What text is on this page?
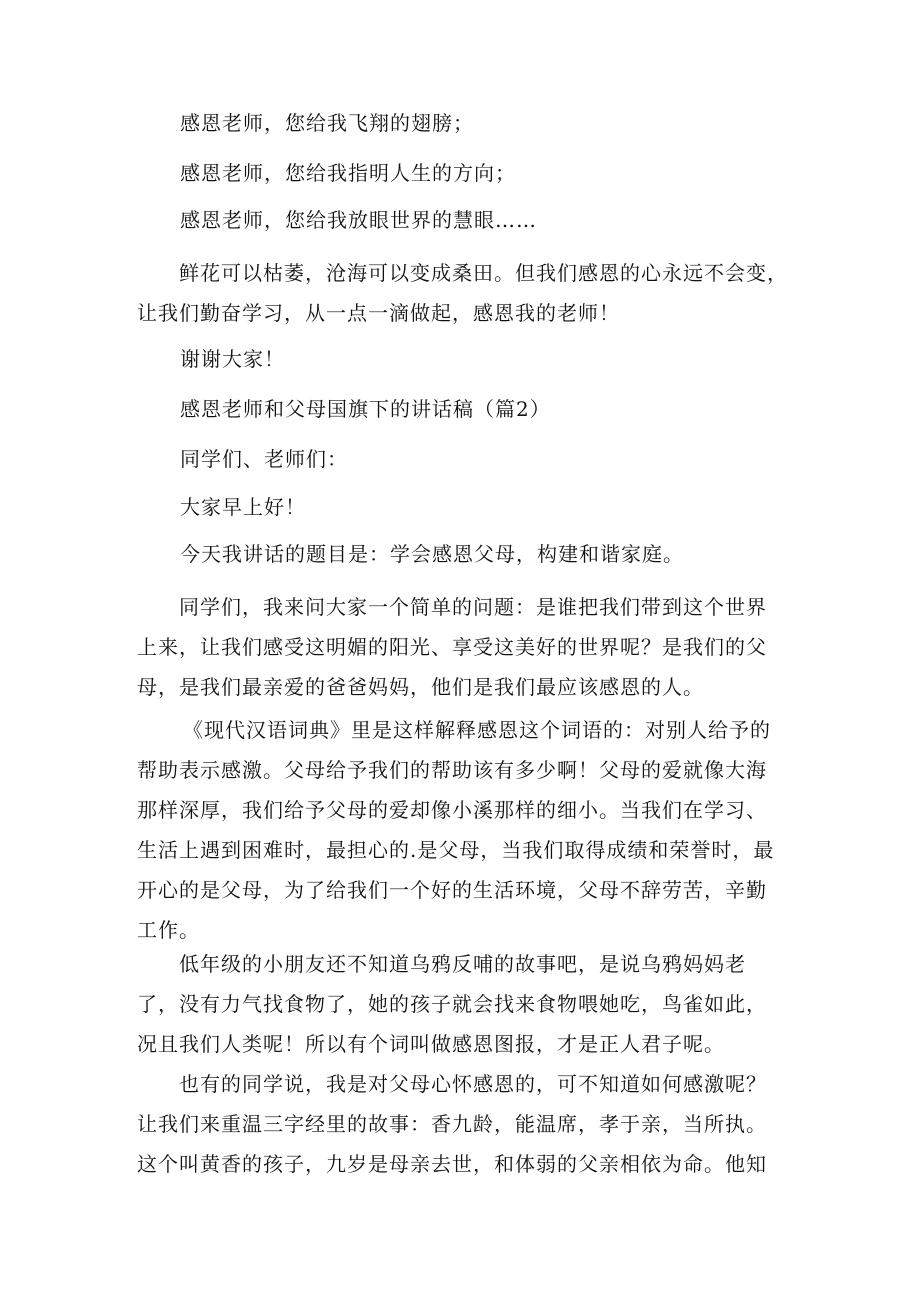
感恩老师，您给我飞翔的翅膀；
感恩老师，您给我指明人生的方向；
感恩老师，您给我放眼世界的慧眼……
鲜花可以枯萎，沧海可以变成桑田。但我们感恩的心永远不会变，
让我们勤奋学习，从一点一滴做起，感恩我的老师！
谢谢大家！
感恩老师和父母国旗下的讲话稿（篇2）
同学们、老师们：
大家早上好！
今天我讲话的题目是：学会感恩父母，构建和谐家庭。
同学们，我来问大家一个简单的问题：是谁把我们带到这个世界
上来，让我们感受这明媚的阳光、享受这美好的世界呢？是我们的父
母，是我们最亲爱的爸爸妈妈，他们是我们最应该感恩的人。
《现代汉语词典》里是这样解释感恩这个词语的：对别人给予的
帮助表示感激。父母给予我们的帮助该有多少啊！父母的爱就像大海
那样深厚，我们给予父母的爱却像小溪那样的细小。当我们在学习、
生活上遇到困难时，最担心的.是父母，当我们取得成绩和荣誉时，最
开心的是父母，为了给我们一个好的生活环境，父母不辞劳苦，辛勤
工作。
低年级的小朋友还不知道乌鸦反哺的故事吧，是说乌鸦妈妈老
了，没有力气找食物了，她的孩子就会找来食物喂她吃，鸟雀如此，
况且我们人类呢！所以有个词叫做感恩图报，才是正人君子呢。
也有的同学说，我是对父母心怀感恩的，可不知道如何感激呢？
让我们来重温三字经里的故事：香九龄，能温席，孝于亲，当所执。
这个叫黄香的孩子，九岁是母亲去世，和体弱的父亲相依为命。他知
